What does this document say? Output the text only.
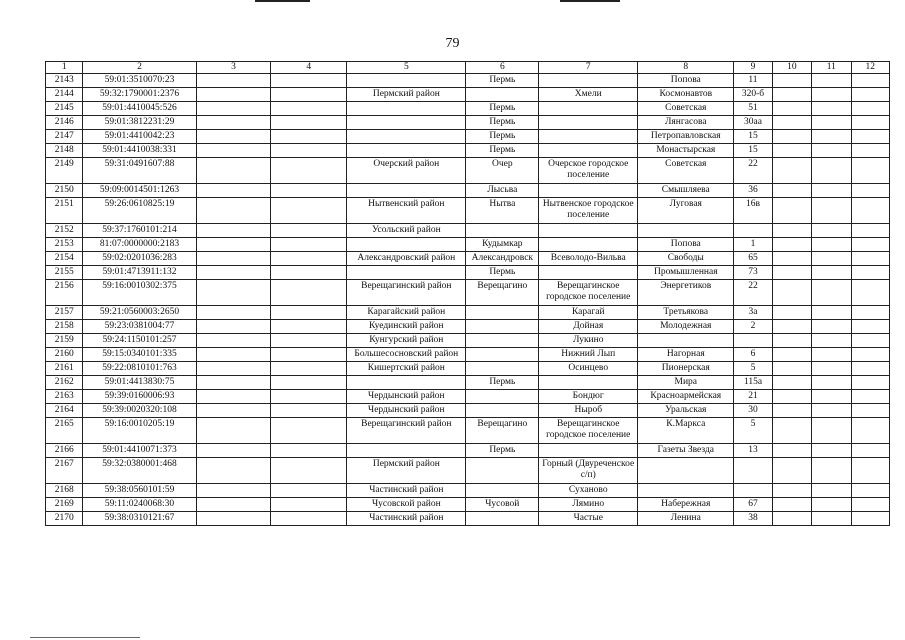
79
1	2	3	4	5	6	7	8	9	10	11	12
2143	59:01:3510070:23				Пермь		Попова	11			
2144	59:32:1790001:2376			Пермский район		Хмели	Космонавтов	320-б			
2145	59:01:4410045:526				Пермь		Советская	51			
2146	59:01:3812231:29				Пермь		Лянгасова	30аа			
2147	59:01:4410042:23				Пермь		Петропавловская	15			
2148	59:01:4410038:331				Пермь		Монастырская	15			
2149	59:31:0491607:88			Очерский район	Очер	Очерское городское поселение	Советская	22			
2150	59:09:0014501:1263				Лысьва		Смышляева	36			
2151	59:26:0610825:19			Нытвенский район	Нытва	Нытвенское городское поселение	Луговая	16в			
2152	59:37:1760101:214			Усольский район							
2153	81:07:0000000:2183				Кудымкар		Попова	1			
2154	59:02:0201036:283			Александровский район	Александровск	Всеволодо-Вильва	Свободы	65			
2155	59:01:4713911:132				Пермь		Промышленная	73			
2156	59:16:0010302:375			Верещагинский район	Верещагино	Верещагинское городское поселение	Энергетиков	22			
2157	59:21:0560003:2650			Карагайский район		Карагай	Третьякова	3а			
2158	59:23:0381004:77			Куединский район		Дойная	Молодежная	2			
2159	59:24:1150101:257			Кунгурский район		Лукино					
2160	59:15:0340101:335			Большесосновский район		Нижний Лып	Нагорная	6			
2161	59:22:0810101:763			Кишертский район		Осинцево	Пионерская	5			
2162	59:01:4413830:75				Пермь		Мира	115а			
2163	59:39:0160006:93			Чердынский район		Бондюг	Красноармейская	21			
2164	59:39:0020320:108			Чердынский район		Ныроб	Уральская	30			
2165	59:16:0010205:19			Верещагинский район	Верещагино	Верещагинское городское поселение	К.Маркса	5			
2166	59:01:4410071:373				Пермь		Газеты Звезда	13			
2167	59:32:0380001:468			Пермский район		Горный (Двуреченское с/п)					
2168	59:38:0560101:59			Частинский район		Суханово					
2169	59:11:0240068:30			Чусовской район	Чусовой	Лямино	Набережная	67			
2170	59:38:0310121:67			Частинский район		Частые	Ленина	38			
